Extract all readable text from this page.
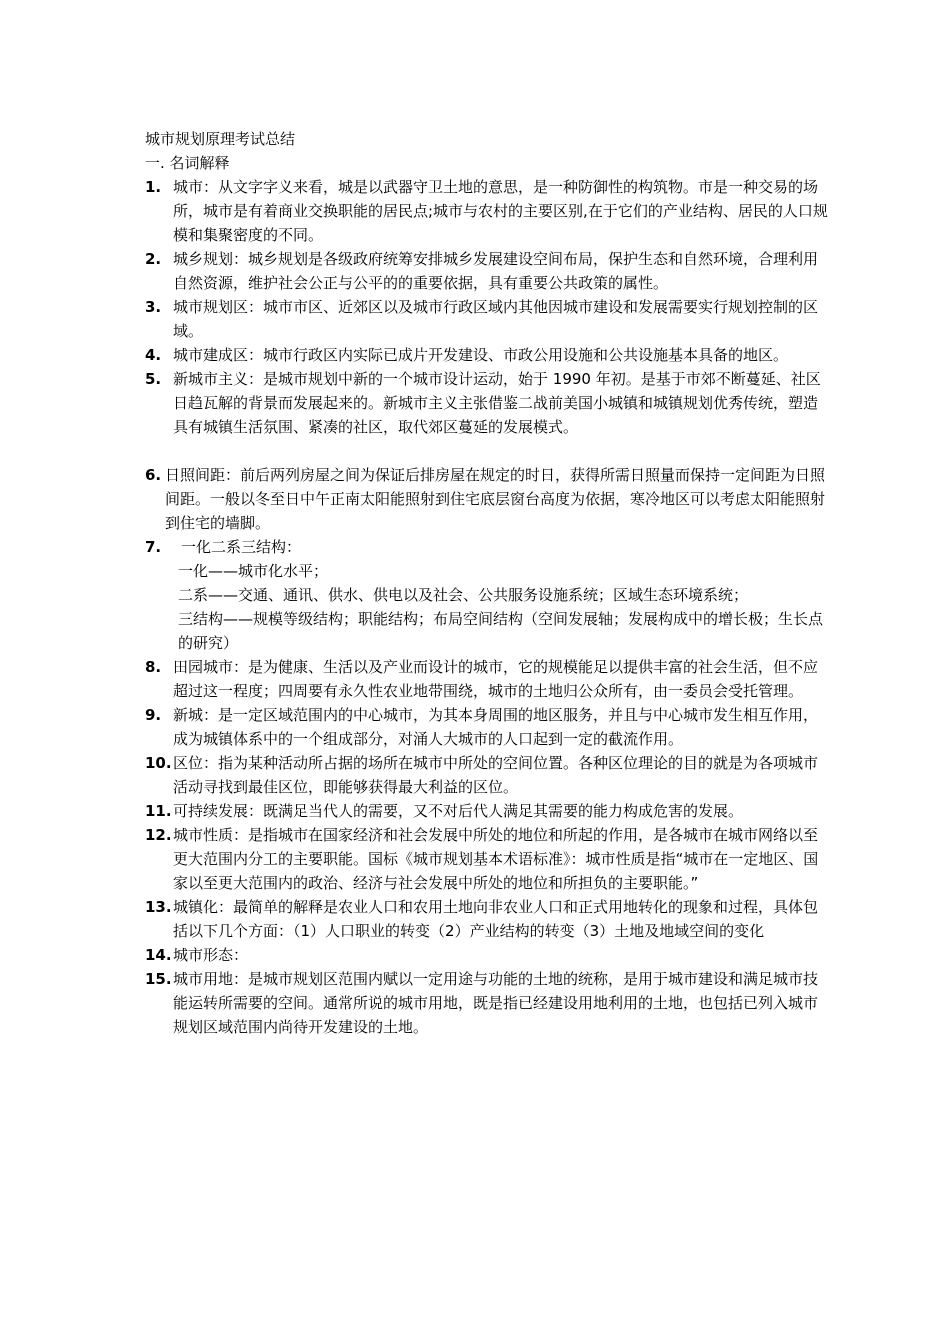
城市规划原理考试总结
一. 名词解释
1. 城市：从文字字义来看，城是以武器守卫土地的意思，是一种防御性的构筑物。市是一种交易的场所，城市是有着商业交换职能的居民点;城市与农村的主要区别,在于它们的产业结构、居民的人口规模和集聚密度的不同。
2. 城乡规划：城乡规划是各级政府统筹安排城乡发展建设空间布局，保护生态和自然环境，合理利用自然资源，维护社会公正与公平的的重要依据，具有重要公共政策的属性。
3. 城市规划区：城市市区、近郊区以及城市行政区域内其他因城市建设和发展需要实行规划控制的区域。
4. 城市建成区：城市行政区内实际已成片开发建设、市政公用设施和公共设施基本具备的地区。
5. 新城市主义：是城市规划中新的一个城市设计运动，始于 1990 年初。是基于市郊不断蔓延、社区日趋瓦解的背景而发展起来的。新城市主义主张借鉴二战前美国小城镇和城镇规划优秀传统，塑造具有城镇生活氛围、紧凑的社区，取代郊区蔓延的发展模式。
6. 日照间距：前后两列房屋之间为保证后排房屋在规定的时日，获得所需日照量而保持一定间距为日照间距。一般以冬至日中午正南太阳能照射到住宅底层窗台高度为依据，寒冷地区可以考虑太阳能照射到住宅的墙脚。
7.	一化二系三结构：
一化——城市化水平；
二系——交通、通讯、供水、供电以及社会、公共服务设施系统；区域生态环境系统；
三结构——规模等级结构；职能结构；布局空间结构（空间发展轴；发展构成中的增长极；生长点的研究）
8. 田园城市：是为健康、生活以及产业而设计的城市，它的规模能足以提供丰富的社会生活，但不应超过这一程度；四周要有永久性农业地带围绕，城市的土地归公众所有，由一委员会受托管理。
9. 新城：是一定区域范围内的中心城市，为其本身周围的地区服务，并且与中心城市发生相互作用，成为城镇体系中的一个组成部分，对涌人大城市的人口起到一定的截流作用。
10. 区位：指为某种活动所占据的场所在城市中所处的空间位置。各种区位理论的目的就是为各项城市活动寻找到最佳区位，即能够获得最大利益的区位。
11. 可持续发展：既满足当代人的需要，又不对后代人满足其需要的能力构成危害的发展。
12. 城市性质：是指城市在国家经济和社会发展中所处的地位和所起的作用，是各城市在城市网络以至更大范围内分工的主要职能。国标《城市规划基本术语标准》：城市性质是指“城市在一定地区、国家以至更大范围内的政治、经济与社会发展中所处的地位和所担负的主要职能。”
13. 城镇化：最简单的解释是农业人口和农用土地向非农业人口和正式用地转化的现象和过程，具体包括以下几个方面：（1）人口职业的转变（2）产业结构的转变（3）土地及地域空间的变化
14. 城市形态：
15. 城市用地：是城市规划区范围内赋以一定用途与功能的土地的统称，是用于城市建设和满足城市技能运转所需要的空间。通常所说的城市用地，既是指已经建设用地利用的土地，也包括已列入城市规划区域范围内尚待开发建设的土地。
